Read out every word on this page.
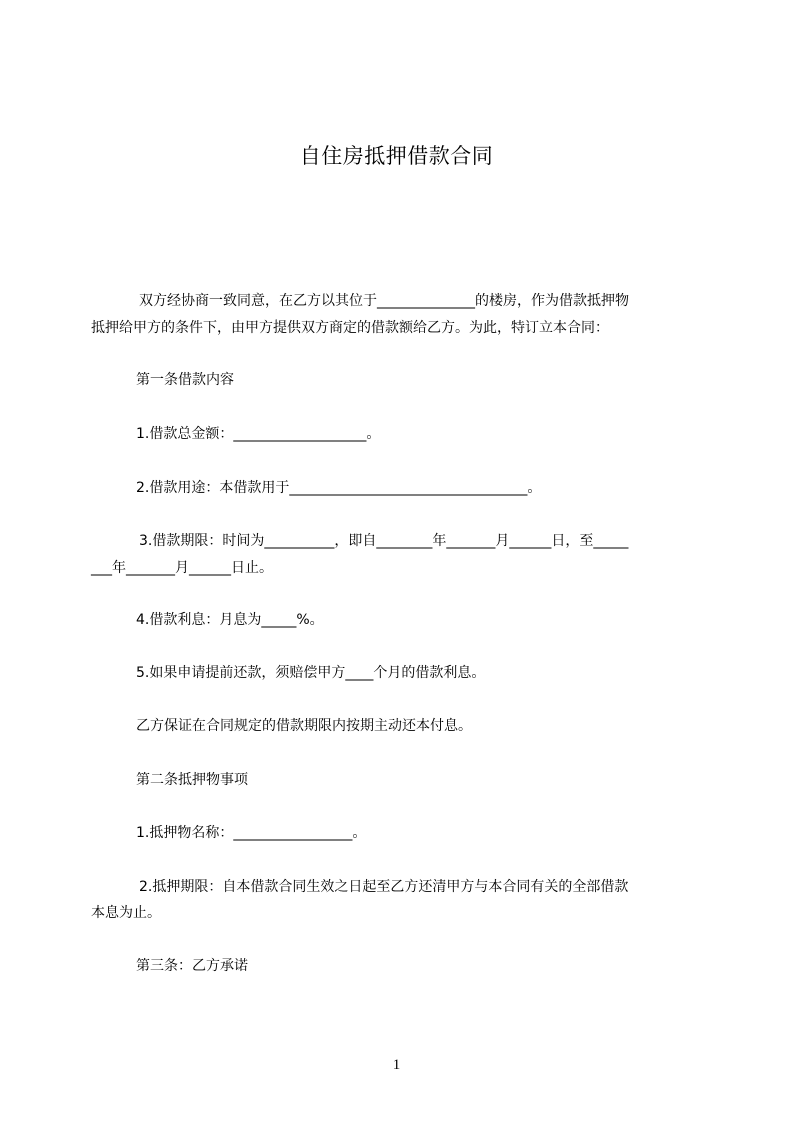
自住房抵押借款合同

双方经协商一致同意，在乙方以其位于______________的楼房，作为借款抵押物

抵押给甲方的条件下，由甲方提供双方商定的借款额给乙方。为此，特订立本合同：

第一条借款内容

1.借款总金额：___________________。

2.借款用途：本借款用于__________________________________。

3.借款期限：时间为__________，即自________年_______月______日，至_____

___年_______月______日止。

4.借款利息：月息为_____%。

5.如果申请提前还款，须赔偿甲方____个月的借款利息。

乙方保证在合同规定的借款期限内按期主动还本付息。

第二条抵押物事项

1.抵押物名称：_________________。

2.抵押期限：自本借款合同生效之日起至乙方还清甲方与本合同有关的全部借款

本息为止。

第三条：乙方承诺

1
